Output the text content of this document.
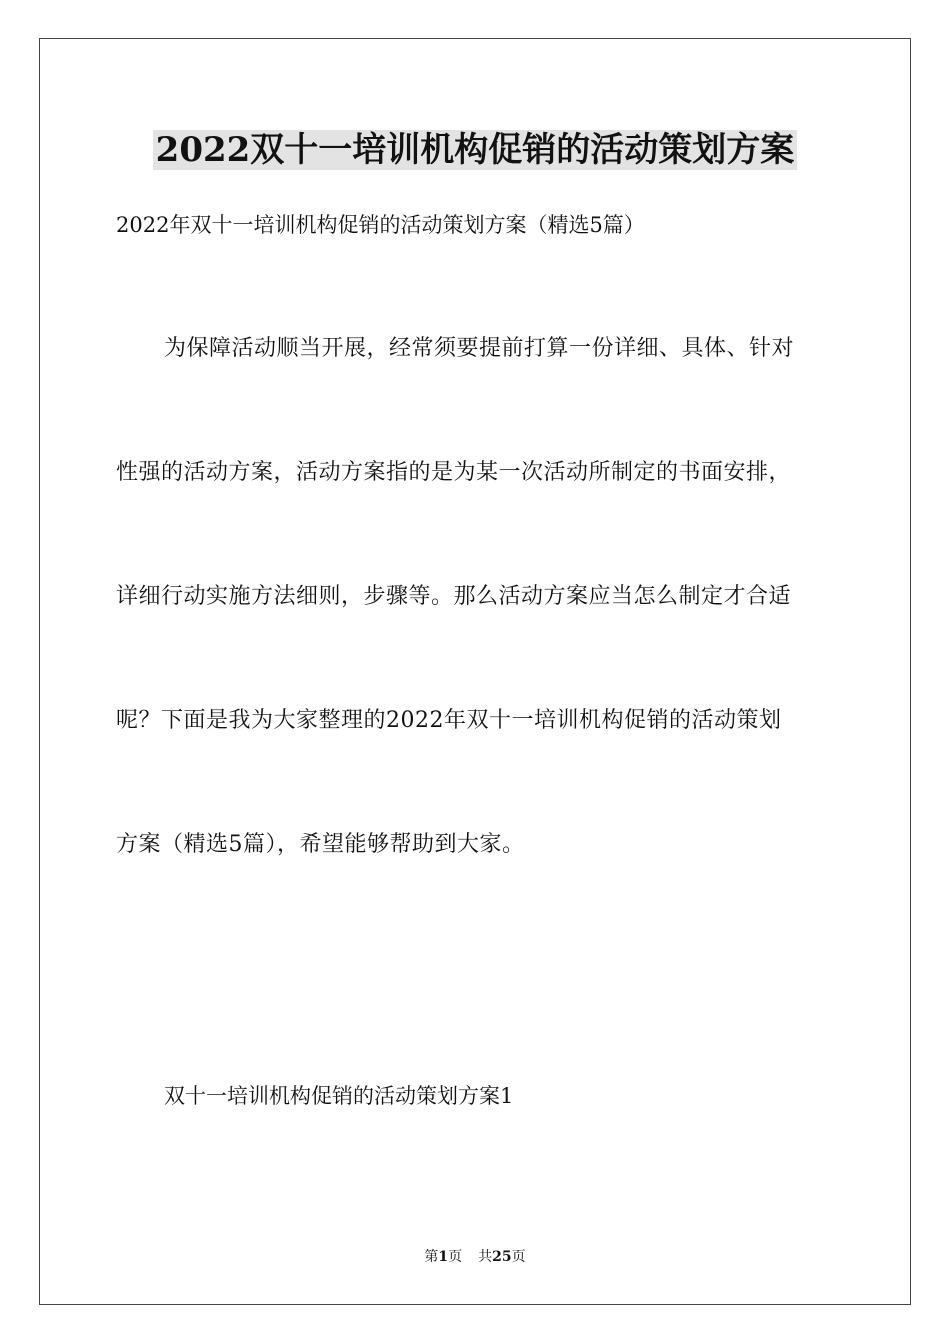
2022双十一培训机构促销的活动策划方案

2022年双十一培训机构促销的活动策划方案（精选5篇）

为保障活动顺当开展，经常须要提前打算一份详细、具体、针对

性强的活动方案，活动方案指的是为某一次活动所制定的书面安排，

详细行动实施方法细则，步骤等。那么活动方案应当怎么制定才合适

呢？下面是我为大家整理的2022年双十一培训机构促销的活动策划

方案（精选5篇），希望能够帮助到大家。

双十一培训机构促销的活动策划方案1

第1页 共25页
